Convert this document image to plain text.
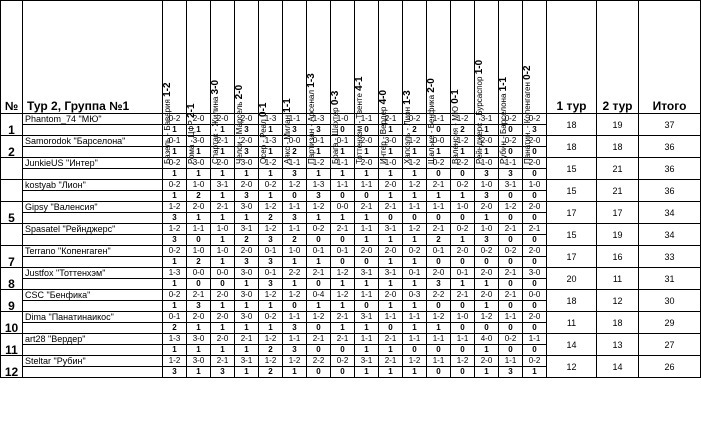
№	Тур 2, Группа №1	Базель - Бавария 1-2	Рома - ЦФР 2-1	Спартак - Жилина 3-0	Челси - Марсель 2-0	Осер - Реал 0-1	Аякс - Милан 1-1	Партизан - Арсенал 1-3	Брага - Шахтер 0-3	Тоттенхэм - Твенте 4-1	Интер - Вердер 4-0	Хапоэль - Лион 1-3	Шальке - Бенфика 2-0	Валенсия - МЮ 0-1	Рейнджерс - Бурсаспор 1-0	Рубин - Барселона 1-1	Панатин. - Копенгаген 0-2	1 тур	2 тур	Итого
1	Phantom_74 "МЮ"	0-2	2-0	2-0	2-0	1-3	1-1	1-3	1-0	1-1	2-1	0-2	1-1	1-2	3-1	0-2	0-2	18	19	37
		1	1	1	3	1	3	3	0	0	1	2	0	2	1	0	3			
2	Samorodok "Барселона"	0-1	3-0	2-1	2-0	1-3	0-0	0-1	0-1	2-0	3-0	1-2	0-0	1-2	2-0	0-2	2-0	18	18	36
		1	1	1	3	1	2	1	1	1	1	1	1	1	1	0	0			
	JunkieUS "Интер"	0-2	3-0	2-0	3-0	1-2	1-1	1-2	1-1	2-0	1-0	1-2	0-2	2-2	1-0	1-1	2-0	15	21	36
		1	1	1	1	1	3	1	1	1	1	1	0	0	3	3	0			
	kostyab "Лион"	0-2	1-0	3-1	2-0	0-2	1-2	1-3	1-1	1-1	2-0	1-2	2-1	0-2	1-0	3-1	1-0	15	21	36
		1	2	1	3	1	0	3	0	0	1	1	1	1	3	0	0			
5	Gipsy "Валенсия"	1-2	2-0	2-1	3-0	1-2	1-1	1-2	0-0	2-1	2-1	1-1	1-1	1-0	2-0	1-2	2-0	17	17	34
		3	1	1	1	2	3	1	1	1	0	0	0	0	1	0	0			
	Spasatel "Рейнджерс"	1-2	1-1	1-0	3-1	1-2	1-1	0-2	2-1	1-1	3-1	1-2	2-1	0-2	1-0	2-1	2-1	15	19	34
		3	0	1	2	3	2	0	0	1	1	1	2	1	3	0	0			
7	Terrano "Копенгаген"	0-2	1-0	1-0	2-0	0-1	1-0	0-1	0-1	2-0	2-0	0-2	0-1	2-0	0-2	0-2	2-0	17	16	33
		1	2	1	3	3	1	1	0	0	1	1	0	0	0	0	0			
8	Justfox "Тоттенхэм"	1-3	0-0	0-0	3-0	0-1	2-2	2-1	1-2	3-1	3-1	0-1	2-0	0-1	2-0	2-1	3-0	20	11	31
		1	0	0	1	3	1	0	1	1	1	1	3	1	1	0	0			
9	CSC "Бенфика"	0-2	2-1	2-0	3-0	1-2	1-2	0-4	1-2	1-1	2-0	0-3	2-2	2-1	2-0	2-1	0-0	18	12	30
		1	3	1	1	1	0	1	1	0	1	1	0	0	1	0	0			
10	Dima "Панатинаикос"	0-1	2-0	2-0	3-0	0-2	1-1	1-2	2-1	3-1	1-1	1-1	1-2	1-0	1-2	1-1	2-0	11	18	29
		2	1	1	1	1	3	0	1	1	0	1	1	0	0	0	0			
11	art28 "Вердер"	1-3	3-0	2-0	2-1	1-2	1-1	2-1	2-1	1-1	2-1	1-1	1-1	1-1	4-0	0-2	1-1	14	13	27
		1	1	1	1	2	3	0	0	1	1	0	0	0	1	0	0			
12	Steltar "Рубин"	1-2	3-0	2-1	3-1	1-2	1-2	2-2	0-2	3-1	2-1	1-2	1-1	1-2	2-0	1-1	0-2	12	14	26
		3	1	3	1	2	1	0	0	1	1	1	0	0	1	3	1			
